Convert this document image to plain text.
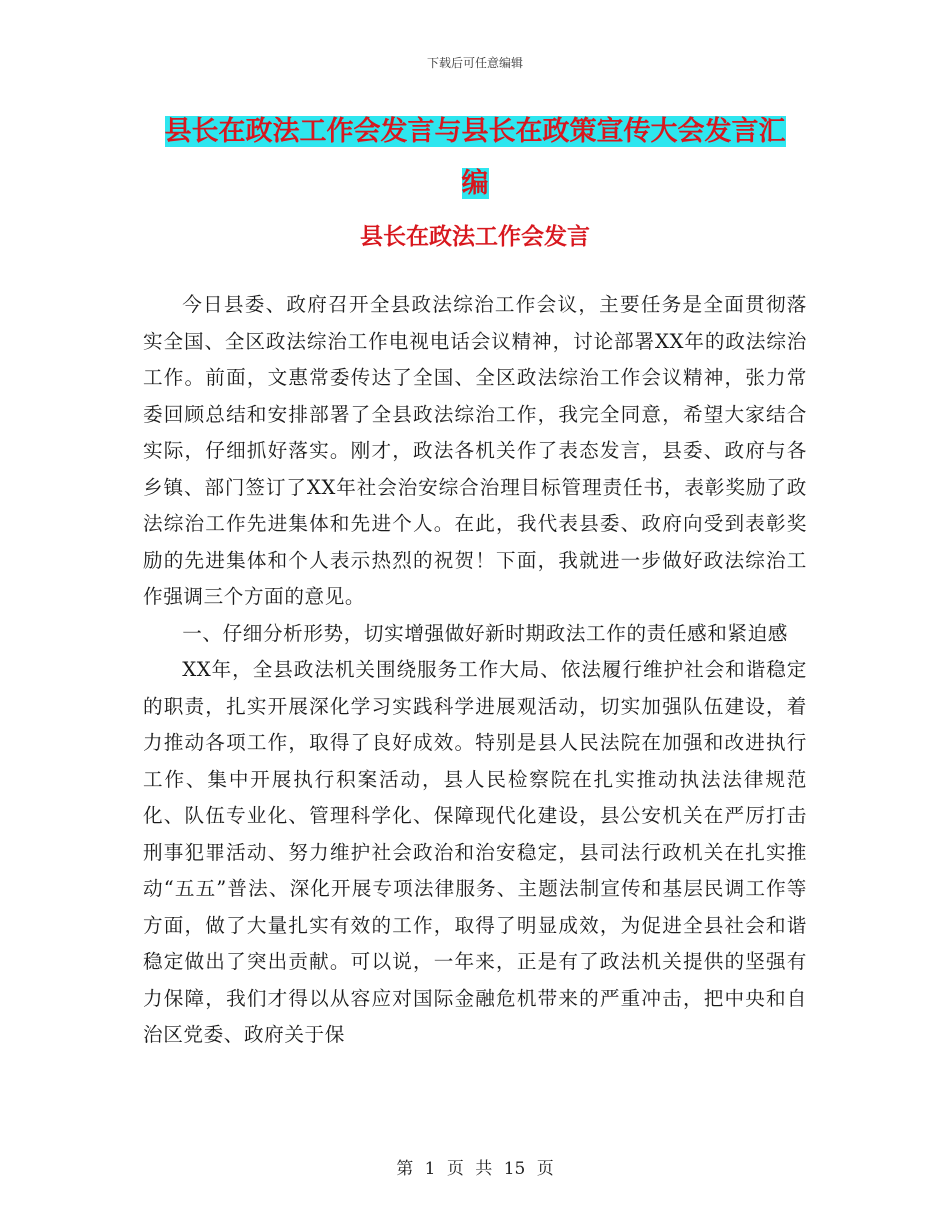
下载后可任意编辑
县长在政法工作会发言与县长在政策宣传大会发言汇
编
县长在政法工作会发言

今日县委、政府召开全县政法综治工作会议，主要任务是全面贯彻落实全国、全区政法综治工作电视电话会议精神，讨论部署XX年的政法综治工作。前面，文惠常委传达了全国、全区政法综治工作会议精神，张力常委回顾总结和安排部署了全县政法综治工作，我完全同意，希望大家结合实际，仔细抓好落实。刚才，政法各机关作了表态发言，县委、政府与各乡镇、部门签订了XX年社会治安综合治理目标管理责任书，表彰奖励了政法综治工作先进集体和先进个人。在此，我代表县委、政府向受到表彰奖励的先进集体和个人表示热烈的祝贺！下面，我就进一步做好政法综治工作强调三个方面的意见。

一、仔细分析形势，切实增强做好新时期政法工作的责任感和紧迫感

XX年，全县政法机关围绕服务工作大局、依法履行维护社会和谐稳定的职责，扎实开展深化学习实践科学进展观活动，切实加强队伍建设，着力推动各项工作，取得了良好成效。特别是县人民法院在加强和改进执行工作、集中开展执行积案活动，县人民检察院在扎实推动执法法律规范化、队伍专业化、管理科学化、保障现代化建设，县公安机关在严厉打击刑事犯罪活动、努力维护社会政治和治安稳定，县司法行政机关在扎实推动“五五”普法、深化开展专项法律服务、主题法制宣传和基层民调工作等方面，做了大量扎实有效的工作，取得了明显成效，为促进全县社会和谐稳定做出了突出贡献。可以说，一年来，正是有了政法机关提供的坚强有力保障，我们才得以从容应对国际金融危机带来的严重冲击，把中央和自治区党委、政府关于保

第 1 页 共 15 页
